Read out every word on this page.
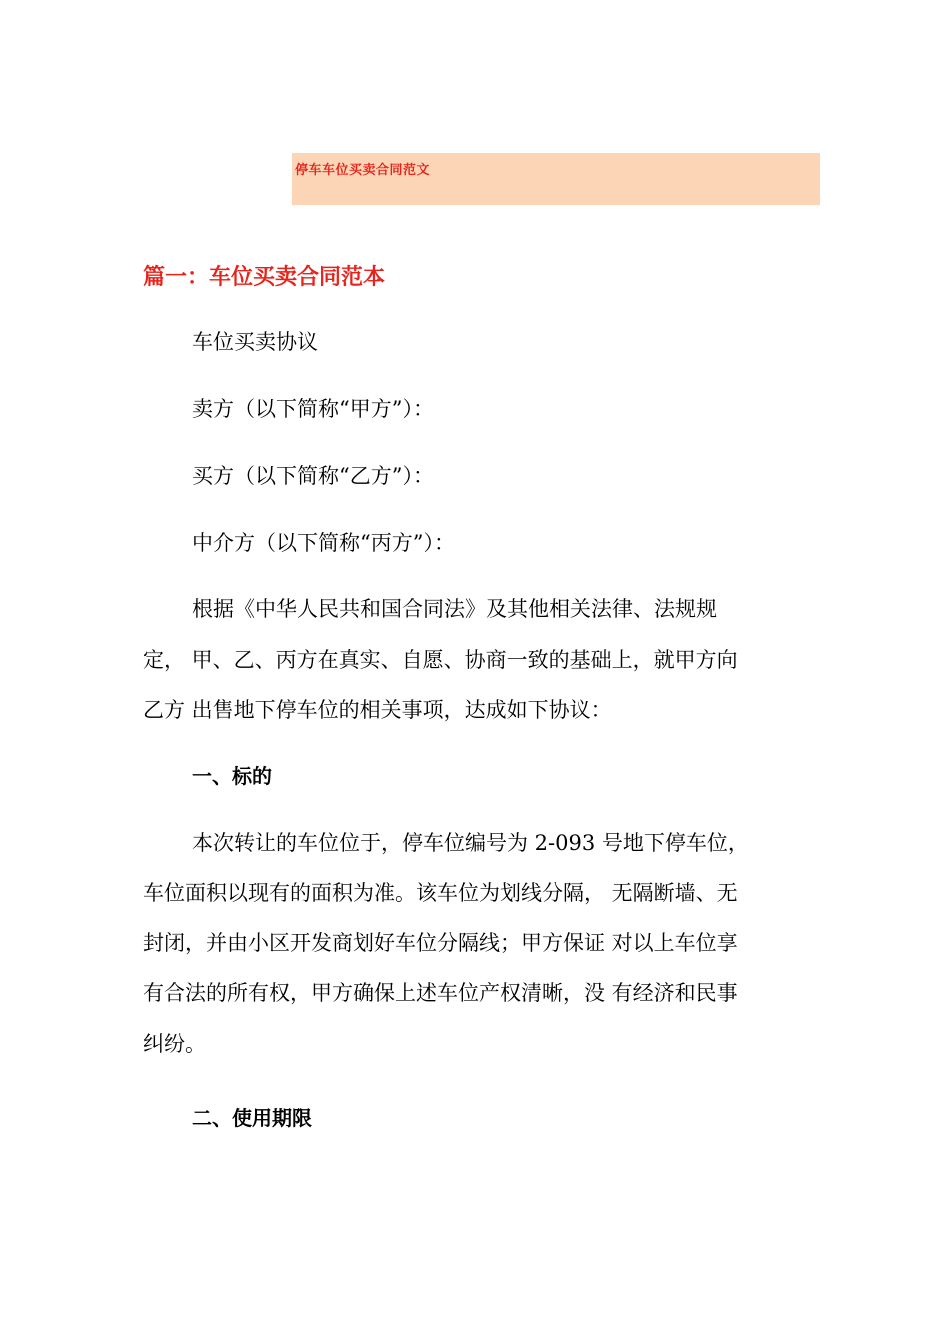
停车车位买卖合同范文
篇一：车位买卖合同范本
车位买卖协议
卖方（以下简称“甲方”）：
买方（以下简称“乙方”）：
中介方（以下简称“丙方”）：
根据《中华人民共和国合同法》及其他相关法律、法规规
定， 甲、乙、丙方在真实、自愿、协商一致的基础上，就甲方向
乙方 出售地下停车位的相关事项，达成如下协议：
一、标的
本次转让的车位位于，停车位编号为 2-093 号地下停车位，
车位面积以现有的面积为准。该车位为划线分隔， 无隔断墙、无
封闭，并由小区开发商划好车位分隔线；甲方保证 对以上车位享
有合法的所有权，甲方确保上述车位产权清晰，没 有经济和民事
纠纷。
二、使用期限
